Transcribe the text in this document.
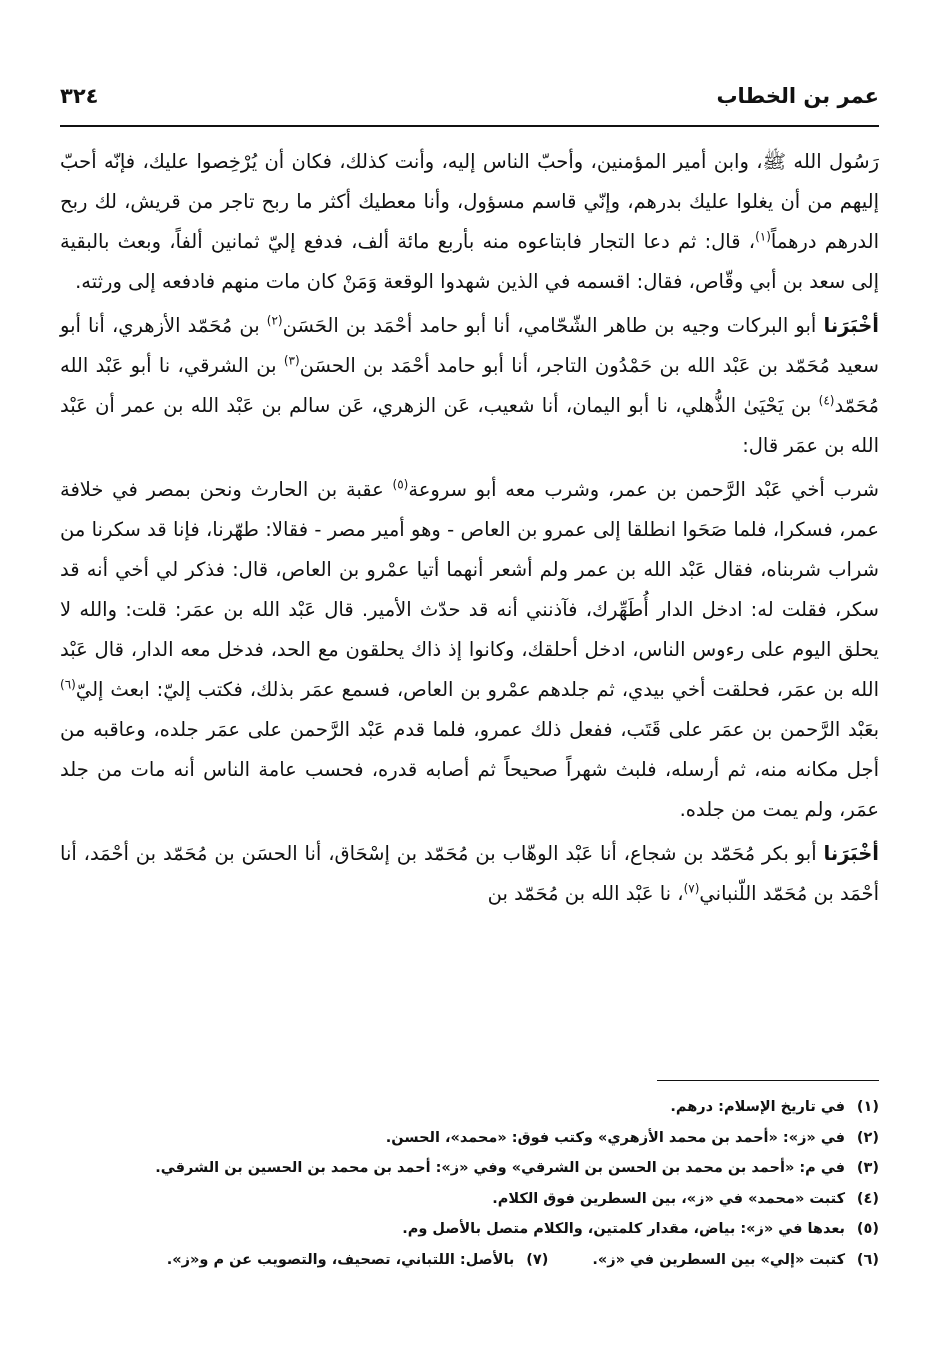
عمر بن الخطاب
٣٢٤

رَسُول الله ﷺ، وابن أمير المؤمنين، وأحبّ الناس إليه، وأنت كذلك، فكان أن يُرْخِصوا عليك، فإنّه أحبّ إليهم من أن يغلوا عليك بدرهم، وإنّي قاسم مسؤول، وأنا معطيك أكثر ما ربح تاجر من قريش، لك ربح الدرهم درهماً$^{(١)}$، قال: ثم دعا التجار فابتاعوه منه بأربع مائة ألف، فدفع إليّ ثمانين ألفاً، وبعث بالبقية إلى سعد بن أبي وقّاص، فقال: اقسمه في الذين شهدوا الوقعة وَمَنْ كان مات منهم فادفعه إلى ورثته.

أخْبَرَنا أبو البركات وجيه بن طاهر الشّحّامي، أنا أبو حامد أحْمَد بن الحَسَن$^{(٢)}$ بن مُحَمّد الأزهري، أنا أبو سعيد مُحَمّد بن عَبْد الله بن حَمْدُون التاجر، أنا أبو حامد أحْمَد بن الحسَن$^{(٣)}$ بن الشرقي، نا أبو عَبْد الله مُحَمّد$^{(٤)}$ بن يَحْيَىٰ الذُّهلي، نا أبو اليمان، أنا شعيب، عَن الزهري، عَن سالم بن عَبْد الله بن عمر أن عَبْد الله بن عمَر قال:

شرب أخي عَبْد الرَّحمن بن عمر، وشرب معه أبو سروعة$^{(٥)}$ عقبة بن الحارث ونحن بمصر في خلافة عمر، فسكرا، فلما صَحَوا انطلقا إلى عمرو بن العاص - وهو أمير مصر - فقالا: طهّرنا، فإنا قد سكرنا من شراب شربناه، فقال عَبْد الله بن عمر ولم أشعر أنهما أتيا عمْرو بن العاص، قال: فذكر لي أخي أنه قد سكر، فقلت له: ادخل الدار أُطَهِّرك، فآذنني أنه قد حدّث الأمير. قال عَبْد الله بن عمَر: قلت: والله لا يحلق اليوم على رءوس الناس، ادخل أحلقك، وكانوا إذ ذاك يحلقون مع الحد، فدخل معه الدار، قال عَبْد الله بن عمَر، فحلقت أخي بيدي، ثم جلدهم عمْرو بن العاص، فسمع عمَر بذلك، فكتب إليّ: ابعث إليّ$^{(٦)}$ بعَبْد الرَّحمن بن عمَر على قَتَب، ففعل ذلك عمرو، فلما قدم عَبْد الرَّحمن على عمَر جلده، وعاقبه من أجل مكانه منه، ثم أرسله، فلبث شهراً صحيحاً ثم أصابه قدره، فحسب عامة الناس أنه مات من جلد عمَر، ولم يمت من جلده.

أخْبَرَنا أبو بكر مُحَمّد بن شجاع، أنا عَبْد الوهّاب بن مُحَمّد بن إسْحَاق، أنا الحسَن بن مُحَمّد بن أحْمَد، أنا أحْمَد بن مُحَمّد اللّنباني$^{(٧)}$، نا عَبْد الله بن مُحَمّد بن

(١)في تاريخ الإسلام: درهم.
(٢)في «ز»: «أحمد بن محمد الأزهري» وكتب فوق: «محمد»، الحسن.
(٣)في م: «أحمد بن محمد بن الحسن بن الشرقي» وفي «ز»: أحمد بن محمد بن الحسين بن الشرقي.
(٤)كتبت «محمد» في «ز»، بين السطرين فوق الكلام.
(٥)بعدها في «ز»: بياض، مقدار كلمتين، والكلام متصل بالأصل وم.
(٦)كتبت «إلي» بين السطرين في «ز».(٧)بالأصل: اللتباني، تصحيف، والتصويب عن م و«ز».
